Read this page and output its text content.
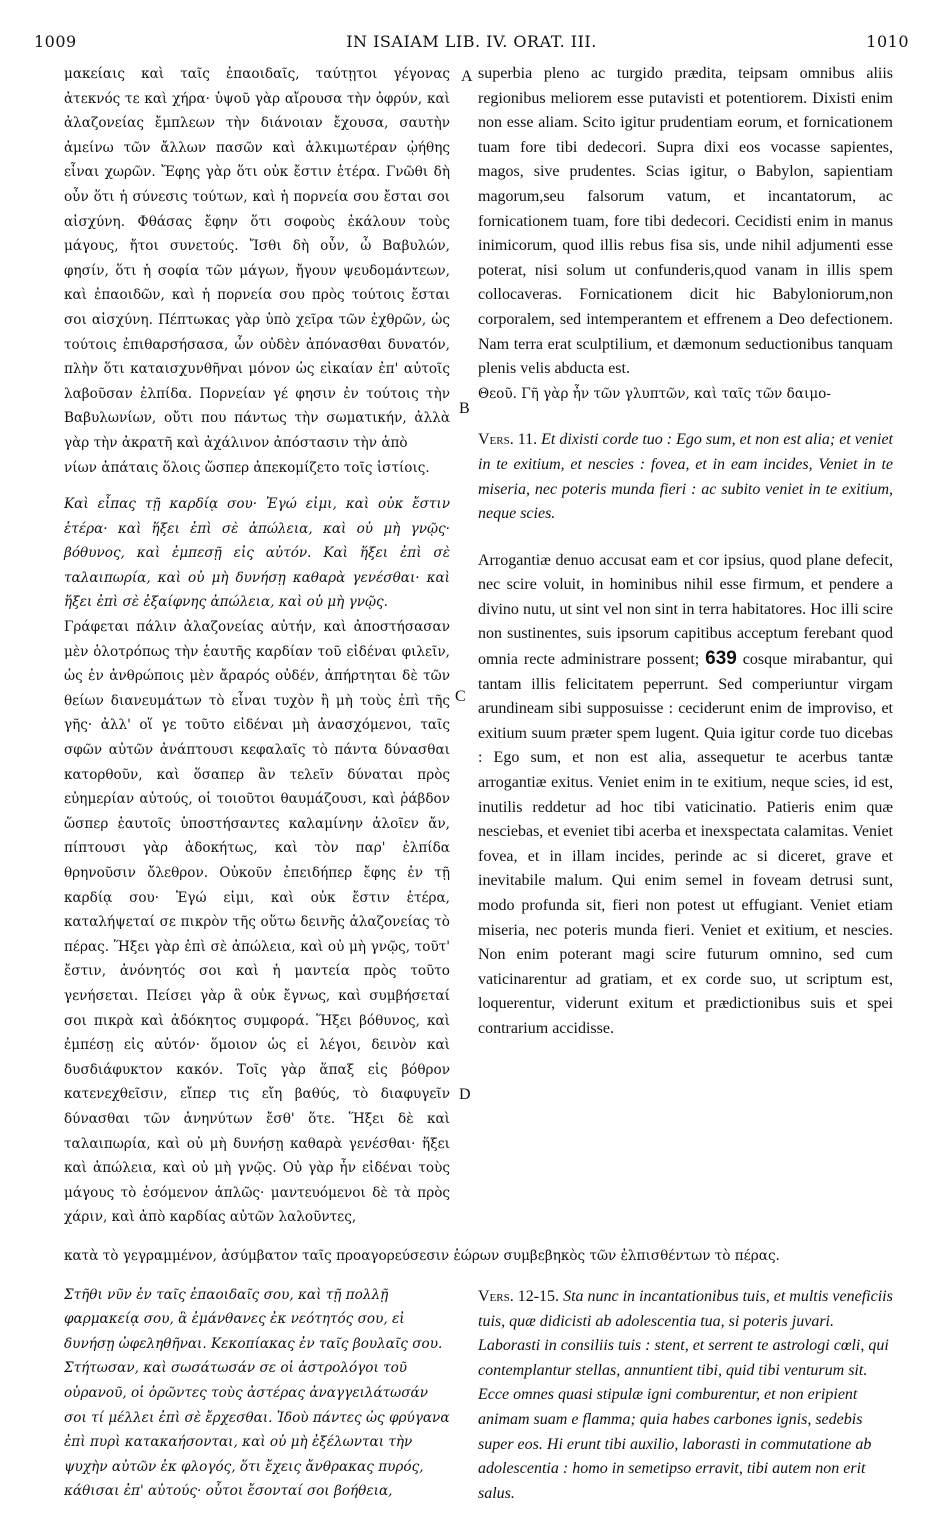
1009	IN ISAIAM LIB. IV. ORAT. III.	1010
A
B
C
D

μακείαις καὶ ταῖς ἐπαοιδαῖς, ταύτῃτοι γέγονας ἀτεκνός τε καὶ χήρα· ὑψοῦ γὰρ αἴρουσα τὴν ὀφρύν, καὶ ἀλαζονείας ἔμπλεων τὴν διάνοιαν ἔχουσα, σαυτὴν ἀμείνω τῶν ἄλλων πασῶν καὶ ἀλκιμωτέραν ᾠήθης εἶναι χωρῶν. Ἔφης γὰρ ὅτι οὐκ ἔστιν ἑτέρα. Γνῶθι δὴ οὖν ὅτι ἡ σύνεσις τούτων, καὶ ἡ πορνεία σου ἔσται σοι αἰσχύνη. Φθάσας ἔφην ὅτι σοφοὺς ἐκάλουν τοὺς μάγους, ἤτοι συνετούς. Ἴσθι δὴ οὖν, ὦ Βαβυλών, φησίν, ὅτι ἡ σοφία τῶν μάγων, ἤγουν ψευδομάντεων, καὶ ἐπαοιδῶν, καὶ ἡ πορνεία σου πρὸς τούτοις ἔσται σοι αἰσχύνη. Πέπτωκας γὰρ ὑπὸ χεῖρα τῶν ἐχθρῶν, ὡς τούτοις ἐπιθαρσήσασα, ὧν οὐδὲν ἀπόνασθαι δυνατόν, πλὴν ὅτι καταισχυνθῆναι μόνον ὡς εἰκαίαν ἐπ' αὐτοῖς λαβοῦσαν ἐλπίδα. Πορνείαν γέ φησιν ἐν τούτοις τὴν Βαβυλωνίων, οὔτι που πάντως τὴν σωματικήν, ἀλλὰ γὰρ τὴν ἀκρατῆ καὶ ἀχάλινον ἀπόστασιν τὴν ἀπὸ

νίων ἀπάταις ὅλοις ὥσπερ ἀπεκομίζετο τοῖς ἱστίοις.

Καὶ εἶπας τῇ καρδίᾳ σου· Ἐγώ εἰμι, καὶ οὐκ ἔστιν ἑτέρα· καὶ ἥξει ἐπὶ σὲ ἀπώλεια, καὶ οὐ μὴ γνῷς· βόθυνος, καὶ ἐμπεσῇ εἰς αὐτόν. Καὶ ἥξει ἐπὶ σὲ ταλαιπωρία, καὶ οὐ μὴ δυνήσῃ καθαρὰ γενέσθαι· καὶ ἥξει ἐπὶ σὲ ἐξαίφνης ἀπώλεια, καὶ οὐ μὴ γνῷς.

Γράφεται πάλιν ἀλαζονείας αὐτήν, καὶ ἀποστήσασαν μὲν ὁλοτρόπως τὴν ἑαυτῆς καρδίαν τοῦ εἰδέναι φιλεῖν, ὡς ἐν ἀνθρώποις μὲν ἄραρός οὐδέν, ἀπήρτηται δὲ τῶν θείων διανευμάτων τὸ εἶναι τυχὸν ἢ μὴ τοὺς ἐπὶ τῆς γῆς· ἀλλ' οἵ γε τοῦτο εἰδέναι μὴ ἀνασχόμενοι, ταῖς σφῶν αὐτῶν ἀνάπτουσι κεφαλαῖς τὸ πάντα δύνασθαι κατορθοῦν, καὶ ὅσαπερ ἂν τελεῖν δύναται πρὸς εὐημερίαν αὐτούς, οἱ τοιοῦτοι θαυμάζουσι, καὶ ῥάβδον ὥσπερ ἑαυτοῖς ὑποστήσαντες καλαμίνην ἁλοῖεν ἄν, πίπτουσι γὰρ ἀδοκήτως, καὶ τὸν παρ' ἐλπίδα θρηνοῦσιν ὄλεθρον. Οὐκοῦν ἐπειδήπερ ἔφης ἐν τῇ καρδίᾳ σου· Ἐγώ εἰμι, καὶ οὐκ ἔστιν ἑτέρα, καταλήψεταί σε πικρὸν τῆς οὕτω δεινῆς ἀλαζονείας τὸ πέρας. Ἥξει γὰρ ἐπὶ σὲ ἀπώλεια, καὶ οὐ μὴ γνῷς, τοῦτ' ἔστιν, ἀνόνητός σοι καὶ ἡ μαντεία πρὸς τοῦτο γενήσεται. Πείσει γὰρ ἃ οὐκ ἔγνως, καὶ συμβήσεταί σοι πικρὰ καὶ ἀδόκητος συμφορά. Ἥξει βόθυνος, καὶ ἐμπέσῃ εἰς αὐτόν· ὅμοιον ὡς εἰ λέγοι, δεινὸν καὶ δυσδιάφυκτον κακόν. Τοῖς γὰρ ἅπαξ εἰς βόθρον κατενεχθεῖσιν, εἴπερ τις εἴη βαθύς, τὸ διαφυγεῖν δύνασθαι τῶν ἀνηνύτων ἔσθ' ὅτε. Ἥξει δὲ καὶ ταλαιπωρία, καὶ οὐ μὴ δυνήσῃ καθαρὰ γενέσθαι· ἥξει καὶ ἀπώλεια, καὶ οὐ μὴ γνῷς. Οὐ γὰρ ἦν εἰδέναι τοὺς μάγους τὸ ἐσόμενον ἁπλῶς· μαντευόμενοι δὲ τὰ πρὸς χάριν, καὶ ἀπὸ καρδίας αὐτῶν λαλοῦντες,

superbia pleno ac turgido prædita, teipsam omnibus aliis regionibus meliorem esse putavisti et potentiorem. Dixisti enim non esse aliam. Scito igitur prudentiam eorum, et fornicationem tuam fore tibi dedecori. Supra dixi eos vocasse sapientes, magos, sive prudentes. Scias igitur, o Babylon, sapientiam magorum,seu falsorum vatum, et incantatorum, ac fornicationem tuam, fore tibi dedecori. Cecidisti enim in manus inimicorum, quod illis rebus fisa sis, unde nihil adjumenti esse poterat, nisi solum ut confunderis,quod vanam in illis spem collocaveras. Fornicationem dicit hic Babyloniorum,non corporalem, sed intemperantem et effrenem a Deo defectionem. Nam terra erat sculptilium, et dæmonum seductionibus tanquam plenis velis abducta est.

Θεοῦ. Γῆ γὰρ ἦν τῶν γλυπτῶν, καὶ ταῖς τῶν δαιμο-

Vers. 11. Et dixisti corde tuo : Ego sum, et non est alia; et veniet in te exitium, et nescies : fovea, et in eam incides, Veniet in te miseria, nec poteris munda fieri : ac subito veniet in te exitium, neque scies.

Arrogantiæ denuo accusat eam et cor ipsius, quod plane defecit, nec scire voluit, in hominibus nihil esse firmum, et pendere a divino nutu, ut sint vel non sint in terra habitatores. Hoc illi scire non sustinentes, suis ipsorum capitibus acceptum ferebant quod omnia recte administrare possent; 639 cosque mirabantur, qui tantam illis felicitatem peperrunt. Sed comperiuntur virgam arundineam sibi supposuisse : ceciderunt enim de improviso, et exitium suum præter spem lugent. Quia igitur corde tuo dicebas : Ego sum, et non est alia, assequetur te acerbus tantæ arrogantiæ exitus. Veniet enim in te exitium, neque scies, id est, inutilis reddetur ad hoc tibi vaticinatio. Patieris enim quæ nesciebas, et eveniet tibi acerba et inexspectata calamitas. Veniet fovea, et in illam incides, perinde ac si diceret, grave et inevitabile malum. Qui enim semel in foveam detrusi sunt, modo profunda sit, fieri non potest ut effugiant. Veniet etiam miseria, nec poteris munda fieri. Veniet et exitium, et nescies. Non enim poterant magi scire futurum omnino, sed cum vaticinarentur ad gratiam, et ex corde suo, ut scriptum est, loquerentur, viderunt exitum et prædictionibus suis et spei contrarium accidisse.

κατὰ τὸ γεγραμμένον, ἀσύμβατον ταῖς προαγορεύσεσιν ἑώρων συμβεβηκὸς τῶν ἐλπισθέντων τὸ πέρας.

Στῆθι νῦν ἐν ταῖς ἐπαοιδαῖς σου, καὶ τῇ πολλῇ φαρμακείᾳ σου, ἃ ἐμάνθανες ἐκ νεότητός σου, εἰ δυνήσῃ ὠφεληθῆναι. Κεκοπίακας ἐν ταῖς βουλαῖς σου. Στήτωσαν, καὶ σωσάτωσάν σε οἱ ἀστρολόγοι τοῦ οὐρανοῦ, οἱ ὁρῶντες τοὺς ἀστέρας ἀναγγειλάτωσάν σοι τί μέλλει ἐπὶ σὲ ἔρχεσθαι. Ἰδοὺ πάντες ὡς φρύγανα ἐπὶ πυρὶ κατακαήσονται, καὶ οὐ μὴ ἐξέλωνται τὴν ψυχὴν αὐτῶν ἐκ φλογός, ὅτι ἔχεις ἄνθρακας πυρός, κάθισαι ἐπ' αὐτούς· οὗτοι ἔσονταί σοι βοήθεια,

Vers. 12-15. Sta nunc in incantationibus tuis, et multis veneficiis tuis, quæ didicisti ab adolescentia tua, si poteris juvari. Laborasti in consiliis tuis : stent, et serrent te astrologi cœli, qui contemplantur stellas, annuntient tibi, quid tibi venturum sit. Ecce omnes quasi stipulæ igni comburentur, et non eripient animam suam e flamma; quia habes carbones ignis, sedebis super eos. Hi erunt tibi auxilio, laborasti in commutatione ab adolescentia : homo in semetipso erravit, tibi autem non erit salus.
